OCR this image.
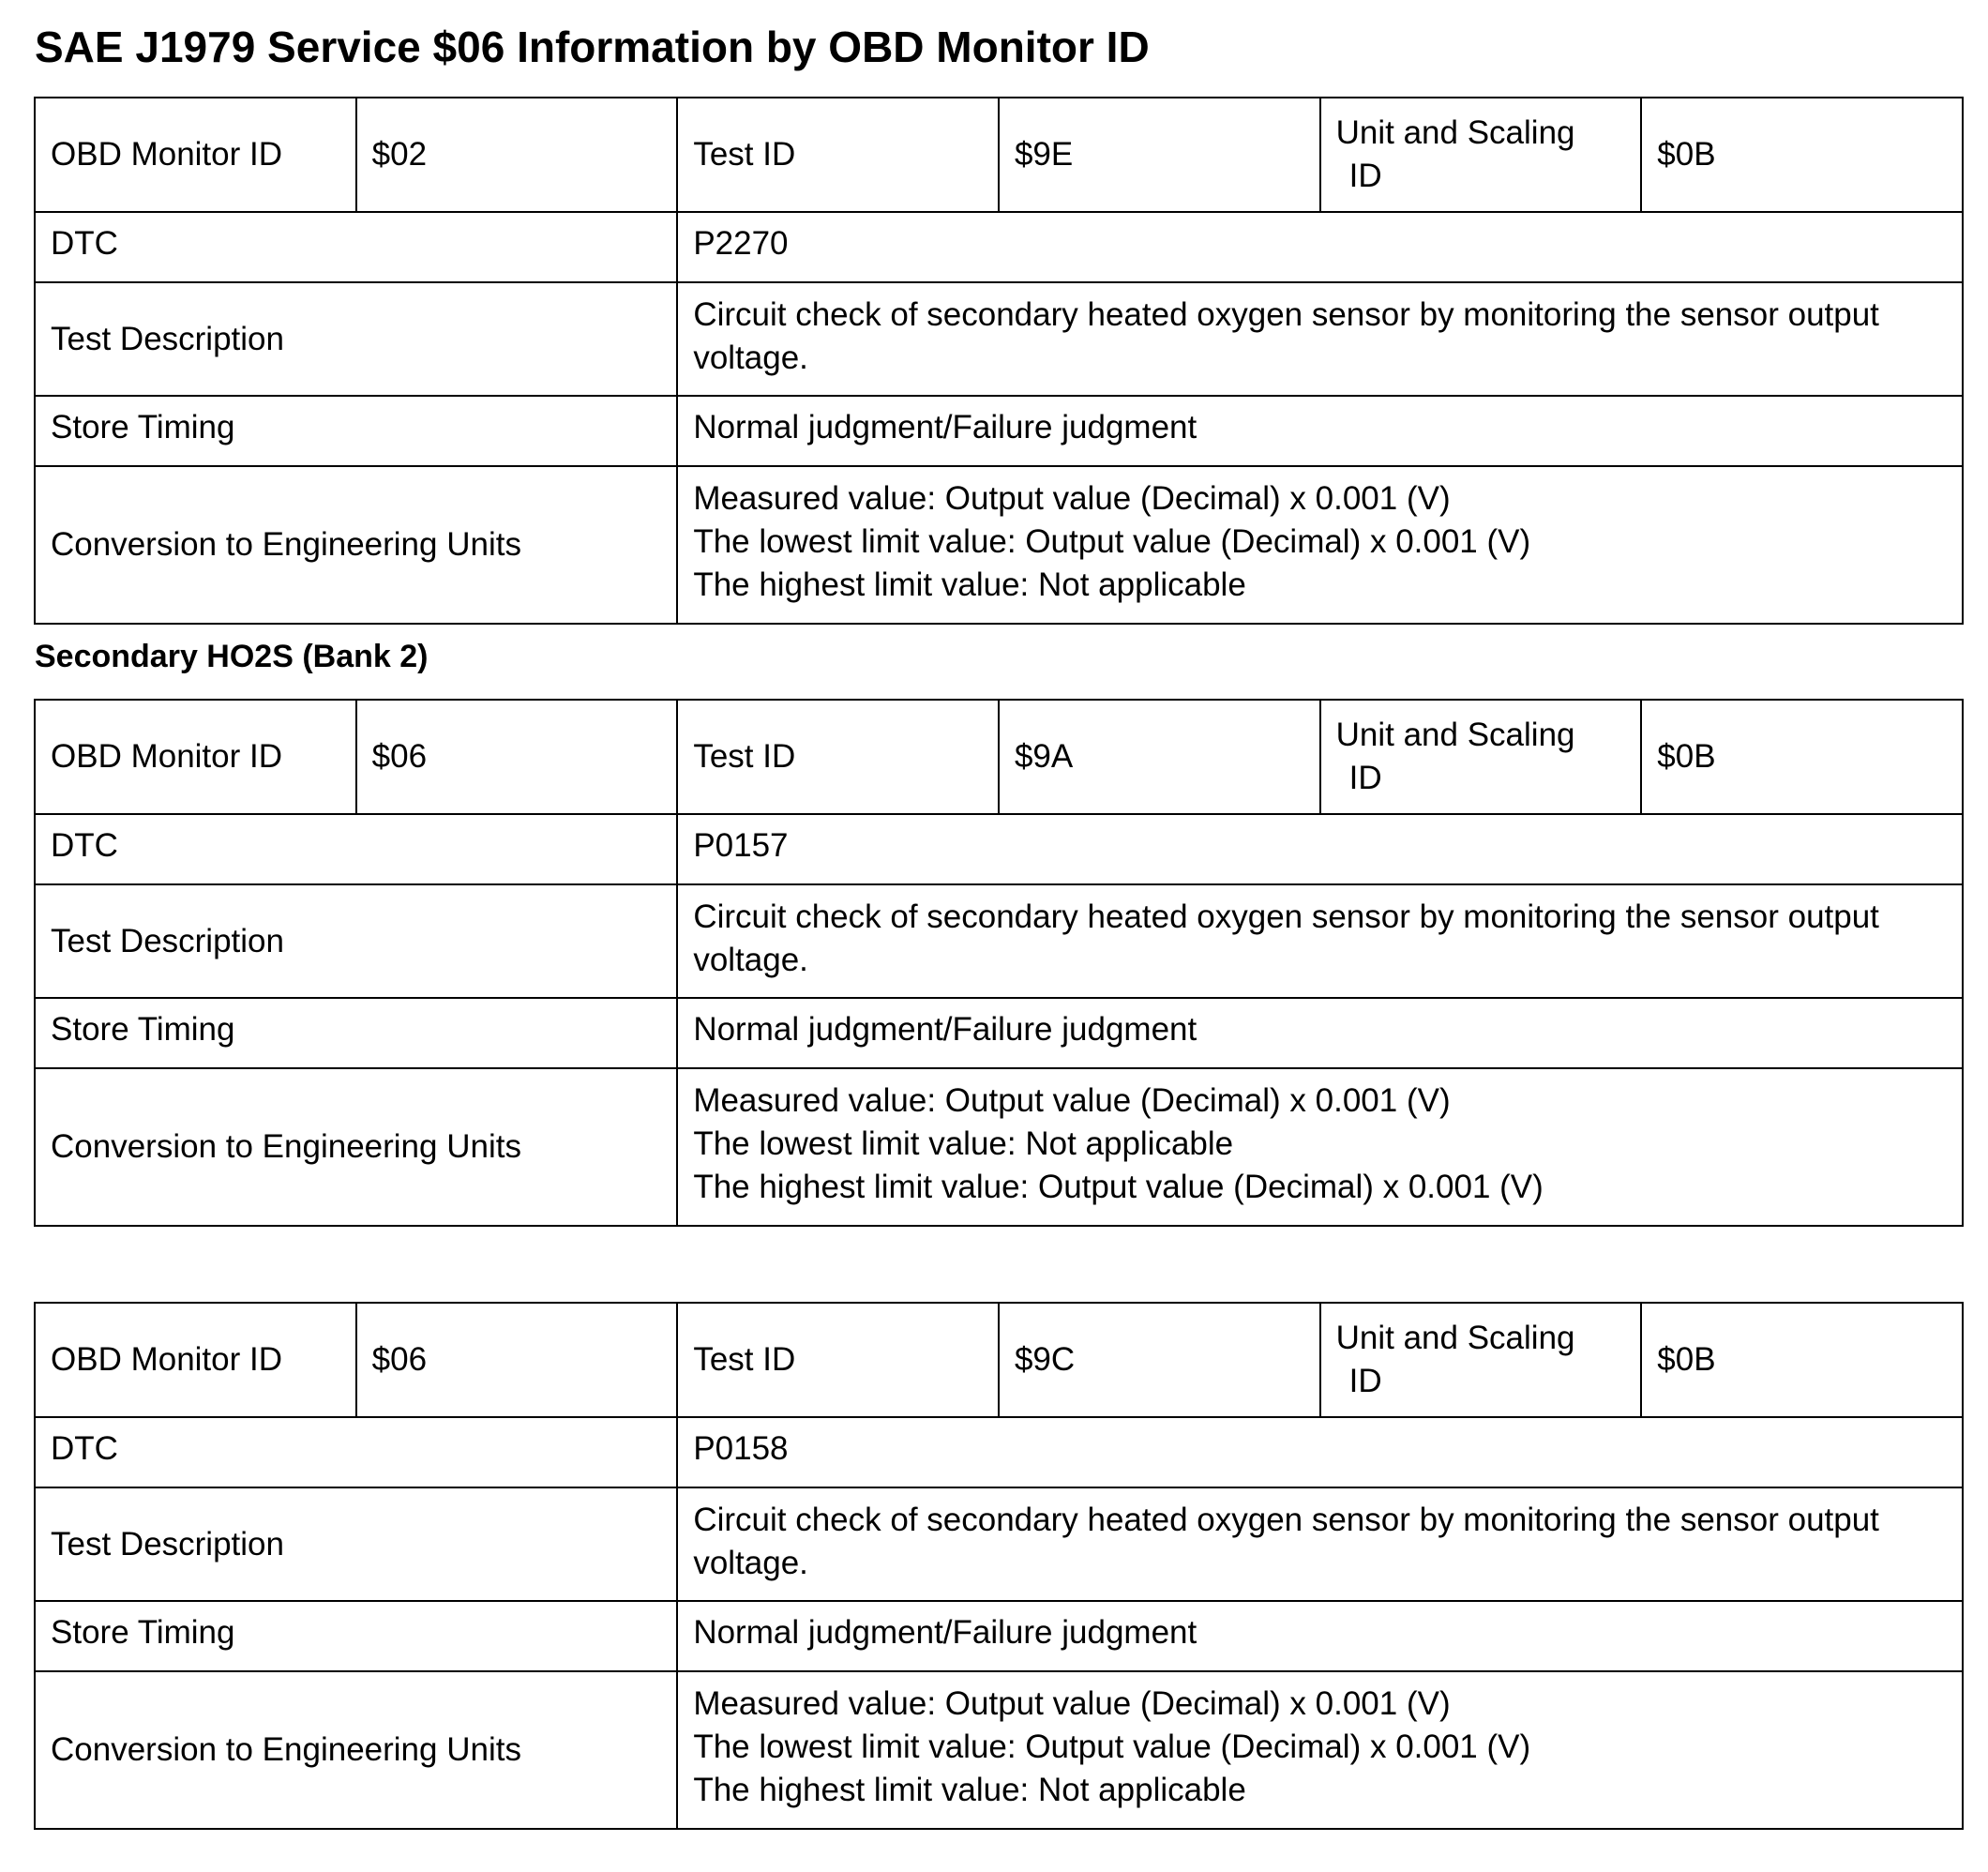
SAE J1979 Service $06 Information by OBD Monitor ID
OBD Monitor ID	$02	Test ID	$9E	Unit and Scaling
ID	$0B
DTC		P2270			
Test Description		Circuit check of secondary heated oxygen sensor by monitoring the sensor output voltage.			
Store Timing		Normal judgment/Failure judgment			
Conversion to Engineering Units		Measured value: Output value (Decimal) x 0.001 (V)
The lowest limit value: Output value (Decimal) x 0.001 (V)
The highest limit value: Not applicable			
Secondary HO2S (Bank 2)
OBD Monitor ID	$06	Test ID	$9A	Unit and Scaling
ID	$0B
DTC		P0157			
Test Description		Circuit check of secondary heated oxygen sensor by monitoring the sensor output voltage.			
Store Timing		Normal judgment/Failure judgment			
Conversion to Engineering Units		Measured value: Output value (Decimal) x 0.001 (V)
The lowest limit value: Not applicable
The highest limit value: Output value (Decimal) x 0.001 (V)			
OBD Monitor ID	$06	Test ID	$9C	Unit and Scaling
ID	$0B
DTC		P0158			
Test Description		Circuit check of secondary heated oxygen sensor by monitoring the sensor output voltage.			
Store Timing		Normal judgment/Failure judgment			
Conversion to Engineering Units		Measured value: Output value (Decimal) x 0.001 (V)
The lowest limit value: Output value (Decimal) x 0.001 (V)
The highest limit value: Not applicable			
